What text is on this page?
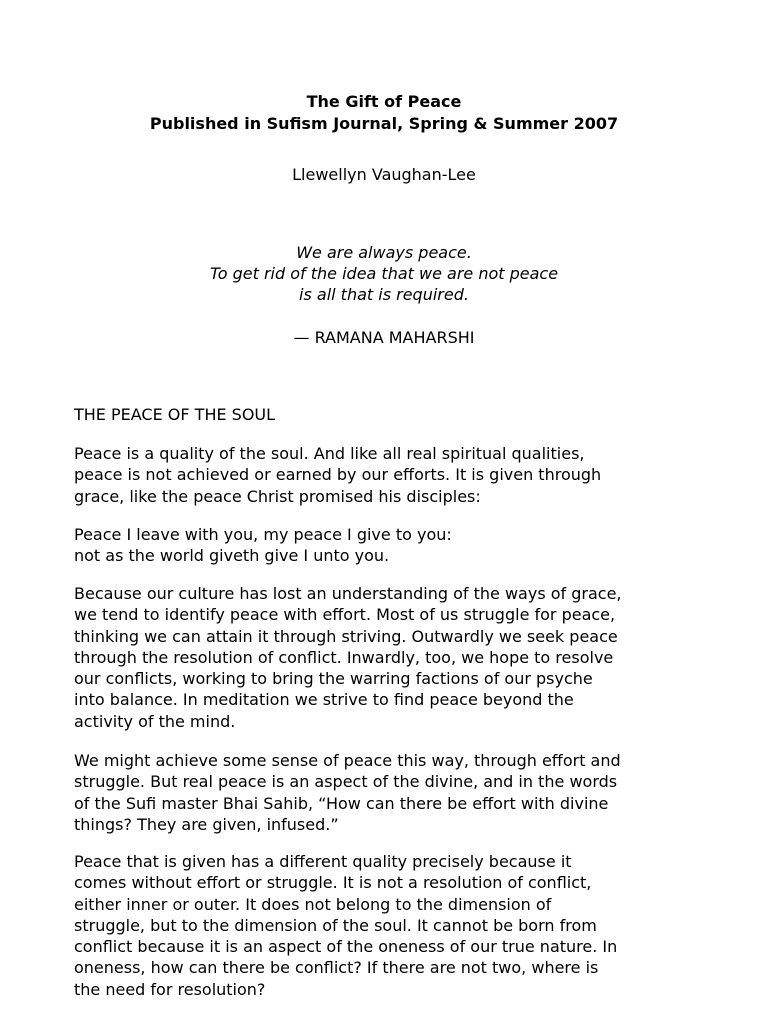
The Gift of Peace
Published in Sufism Journal, Spring & Summer 2007
Llewellyn Vaughan-Lee
We are always peace.
To get rid of the idea that we are not peace
is all that is required.
— RAMANA MAHARSHI
THE PEACE OF THE SOUL
Peace is a quality of the soul. And like all real spiritual qualities,
peace is not achieved or earned by our efforts. It is given through
grace, like the peace Christ promised his disciples:
Peace I leave with you, my peace I give to you:
not as the world giveth give I unto you.
Because our culture has lost an understanding of the ways of grace,
we tend to identify peace with effort. Most of us struggle for peace,
thinking we can attain it through striving. Outwardly we seek peace
through the resolution of conflict. Inwardly, too, we hope to resolve
our conflicts, working to bring the warring factions of our psyche
into balance. In meditation we strive to find peace beyond the
activity of the mind.
We might achieve some sense of peace this way, through effort and
struggle. But real peace is an aspect of the divine, and in the words
of the Sufi master Bhai Sahib, “How can there be effort with divine
things? They are given, infused.”
Peace that is given has a different quality precisely because it
comes without effort or struggle. It is not a resolution of conflict,
either inner or outer. It does not belong to the dimension of
struggle, but to the dimension of the soul. It cannot be born from
conflict because it is an aspect of the oneness of our true nature. In
oneness, how can there be conflict? If there are not two, where is
the need for resolution?
